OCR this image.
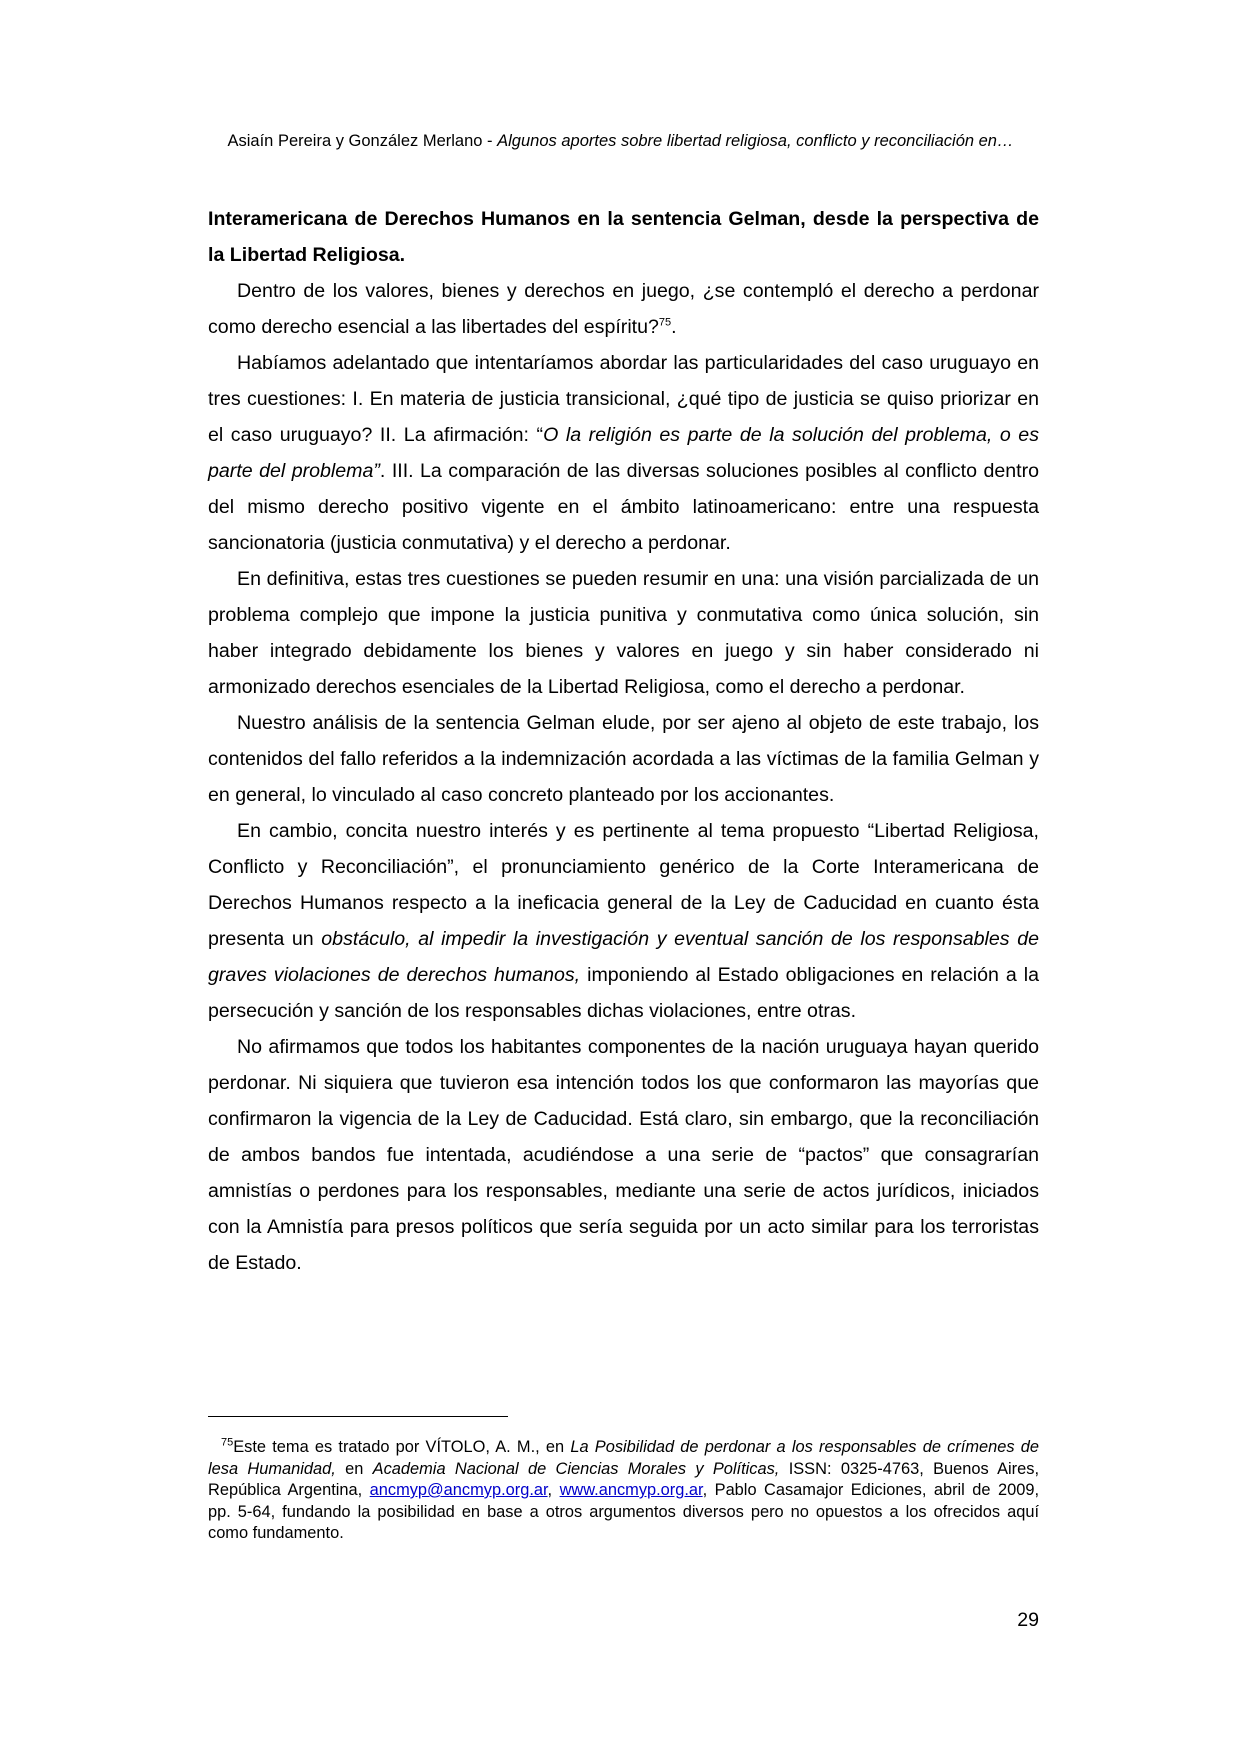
Asiaín Pereira y González Merlano - Algunos aportes sobre libertad religiosa, conflicto y reconciliación en…

Interamericana de Derechos Humanos en la sentencia Gelman, desde la perspectiva de la Libertad Religiosa.

Dentro de los valores, bienes y derechos en juego, ¿se contempló el derecho a perdonar como derecho esencial a las libertades del espíritu?$^{75}$.

Habíamos adelantado que intentaríamos abordar las particularidades del caso uruguayo en tres cuestiones: I. En materia de justicia transicional, ¿qué tipo de justicia se quiso priorizar en el caso uruguayo? II. La afirmación: “O la religión es parte de la solución del problema, o es parte del problema”. III. La comparación de las diversas soluciones posibles al conflicto dentro del mismo derecho positivo vigente en el ámbito latinoamericano: entre una respuesta sancionatoria (justicia conmutativa) y el derecho a perdonar.

En definitiva, estas tres cuestiones se pueden resumir en una: una visión parcializada de un problema complejo que impone la justicia punitiva y conmutativa como única solución, sin haber integrado debidamente los bienes y valores en juego y sin haber considerado ni armonizado derechos esenciales de la Libertad Religiosa, como el derecho a perdonar.

Nuestro análisis de la sentencia Gelman elude, por ser ajeno al objeto de este trabajo, los contenidos del fallo referidos a la indemnización acordada a las víctimas de la familia Gelman y en general, lo vinculado al caso concreto planteado por los accionantes.

En cambio, concita nuestro interés y es pertinente al tema propuesto “Libertad Religiosa, Conflicto y Reconciliación”, el pronunciamiento genérico de la Corte Interamericana de Derechos Humanos respecto a la ineficacia general de la Ley de Caducidad en cuanto ésta presenta un obstáculo, al impedir la investigación y eventual sanción de los responsables de graves violaciones de derechos humanos, imponiendo al Estado obligaciones en relación a la persecución y sanción de los responsables dichas violaciones, entre otras.

No afirmamos que todos los habitantes componentes de la nación uruguaya hayan querido perdonar. Ni siquiera que tuvieron esa intención todos los que conformaron las mayorías que confirmaron la vigencia de la Ley de Caducidad. Está claro, sin embargo, que la reconciliación de ambos bandos fue intentada, acudiéndose a una serie de “pactos” que consagrarían amnistías o perdones para los responsables, mediante una serie de actos jurídicos, iniciados con la Amnistía para presos políticos que sería seguida por un acto similar para los terroristas de Estado.

$^{75}$Este tema es tratado por VÍTOLO, A. M., en La Posibilidad de perdonar a los responsables de crímenes de lesa Humanidad, en Academia Nacional de Ciencias Morales y Políticas, ISSN: 0325-4763, Buenos Aires, República Argentina, ancmyp@ancmyp.org.ar, www.ancmyp.org.ar, Pablo Casamajor Ediciones, abril de 2009, pp. 5-64, fundando la posibilidad en base a otros argumentos diversos pero no opuestos a los ofrecidos aquí como fundamento.

29
